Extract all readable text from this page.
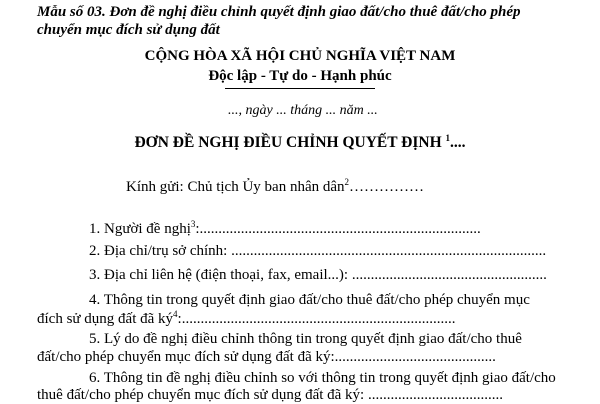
Mẫu số 03. Đơn đề nghị điều chỉnh quyết định giao đất/cho thuê đất/cho phép
chuyển mục đích sử dụng đất
CỘNG HÒA XÃ HỘI CHỦ NGHĨA VIỆT NAM
Độc lập - Tự do - Hạnh phúc
..., ngày ... tháng ... năm ...
ĐƠN ĐỀ NGHỊ ĐIỀU CHỈNH QUYẾT ĐỊNH $^1$....
Kính gửi: Chủ tịch Ủy ban nhân dân$^2$……………
1. Người đề nghị$^3$:...........................................................................
2. Địa chỉ/trụ sở chính: ....................................................................................
3. Địa chỉ liên hệ (điện thoại, fax, email...): ....................................................
4. Thông tin trong quyết định giao đất/cho thuê đất/cho phép chuyển mục
đích sử dụng đất đã $ký^4$:.........................................................................
5. Lý do đề nghị điều chỉnh thông tin trong quyết định giao đất/cho thuê
đất/cho phép chuyển mục đích sử dụng đất đã ký:...........................................
6. Thông tin đề nghị điều chỉnh so với thông tin trong quyết định giao đất/cho
thuê đất/cho phép chuyển mục đích sử dụng đất đã ký: ....................................
